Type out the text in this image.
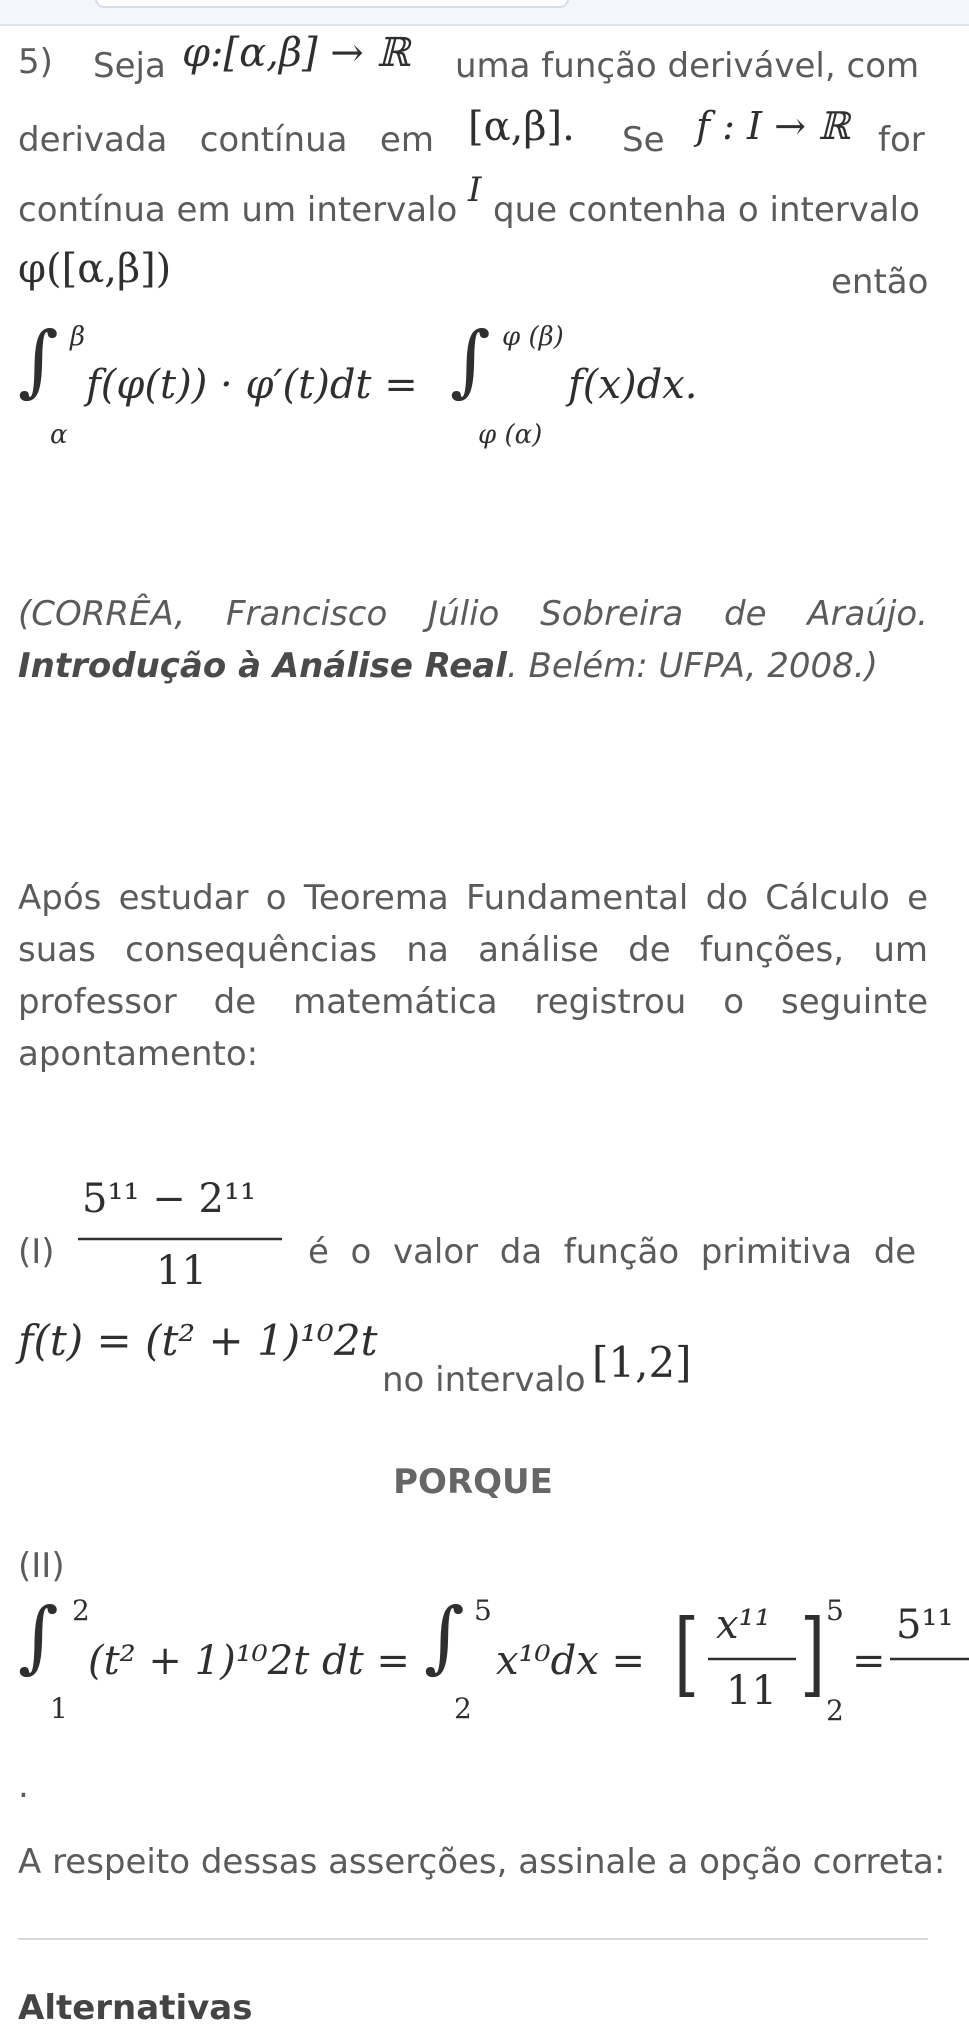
5) Seja φ:[α,β] → ℝ uma função derivável, com
derivada   contínua   em [α,β]. Se f : I → ℝ for
contínua em um intervalo I que contenha o intervalo
φ([α,β])	então
∫ β
α
f(φ(t)) · φ′(t)dt = ∫ φ (β)
φ (α)
f(x)dx.
(CORRÊA,   Francisco   Júlio   Sobreira   de   Araújo.
Introdução à Análise Real. Belém: UFPA, 2008.)
Após estudar o Teorema Fundamental do Cálculo e
suas  consequências  na  análise  de  funções,  um
professor   de   matemática   registrou   o   seguinte
apontamento:
(I)
5¹¹ − 2¹¹
11	é  o  valor  da  função  primitiva  de
f(t) = (t² + 1)¹⁰2t
no intervalo [1,2]
PORQUE
(II)
∫ 2
1
(t² + 1)¹⁰2t dt = ∫ 5
2
x¹⁰dx = [ x¹¹
11 ] 5
2
=
5¹¹
.
A respeito dessas asserções, assinale a opção correta:
Alternativas
